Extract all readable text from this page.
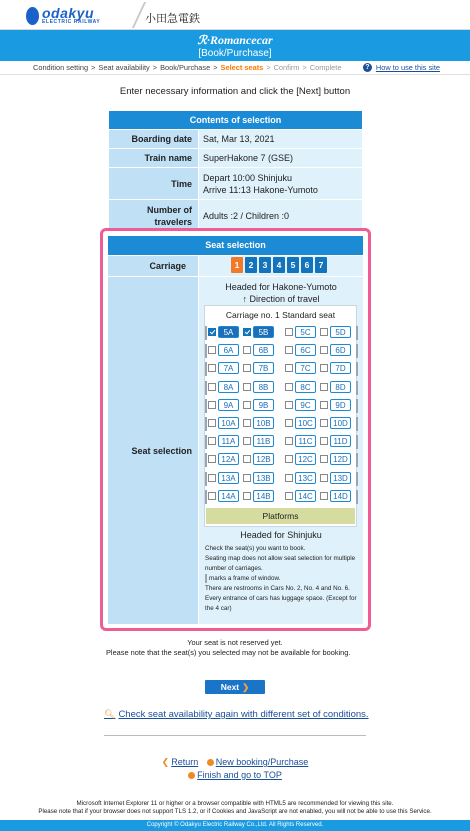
odakyu
ELECTRIC RAILWAY	小田急電鉄
ℛ·Romancecar
[Book/Purchase]
Condition setting > Seat availability > Book/Purchase > Select seats > Confirm > Complete	? How to use this site
Enter necessary information and click the [Next] button
Contents of selection	
Boarding date	Sat, Mar 13, 2021
Train name	SuperHakone 7 (GSE)
Time	Depart 10:00 Shinjuku
Arrive 11:13 Hakone-Yumoto

Number of
travelers	Adults :2 / Children :0
Seat selection
Carriage	1	2	3	4	5	6	7
Seat selection
Headed for Hakone-Yumoto
↑ Direction of travel
Carriage no. 1 Standard seat
Platforms
5A	5B	5C	5D
6A	6B	6C	6D
7A	7B	7C	7D
8A	8B	8C	8D
9A	9B	9C	9D
10A	10B	10C	10D
11A	11B	11C	11D
12A	12B	12C	12D
13A	13B	13C	13D
14A	14B	14C	14D
Headed for Shinjuku
Check the seat(s) you want to book.
Seating map does not allow seat selection for multiple number of carriages.
marks a frame of window.
There are restrooms in Cars No. 2, No. 4 and No. 6.
Every entrance of cars has luggage space. (Except for the 4 car)
Your seat is not reserved yet.
Please note that the seat(s) you selected may not be available for booking.
Next ❯
🔍︎ Check seat availability again with different set of conditions.
❮ Return New booking/Purchase
Finish and go to TOP
Microsoft Internet Explorer 11 or higher or a browser compatible with HTML5 are recommended for viewing this site.
Please note that if your browser does not support TLS 1.2, or if Cookies and JavaScript are not enabled, you will not be able to use this Service.
Copyright © Odakyu Electric Railway Co.,Ltd. All Rights Reserved.
